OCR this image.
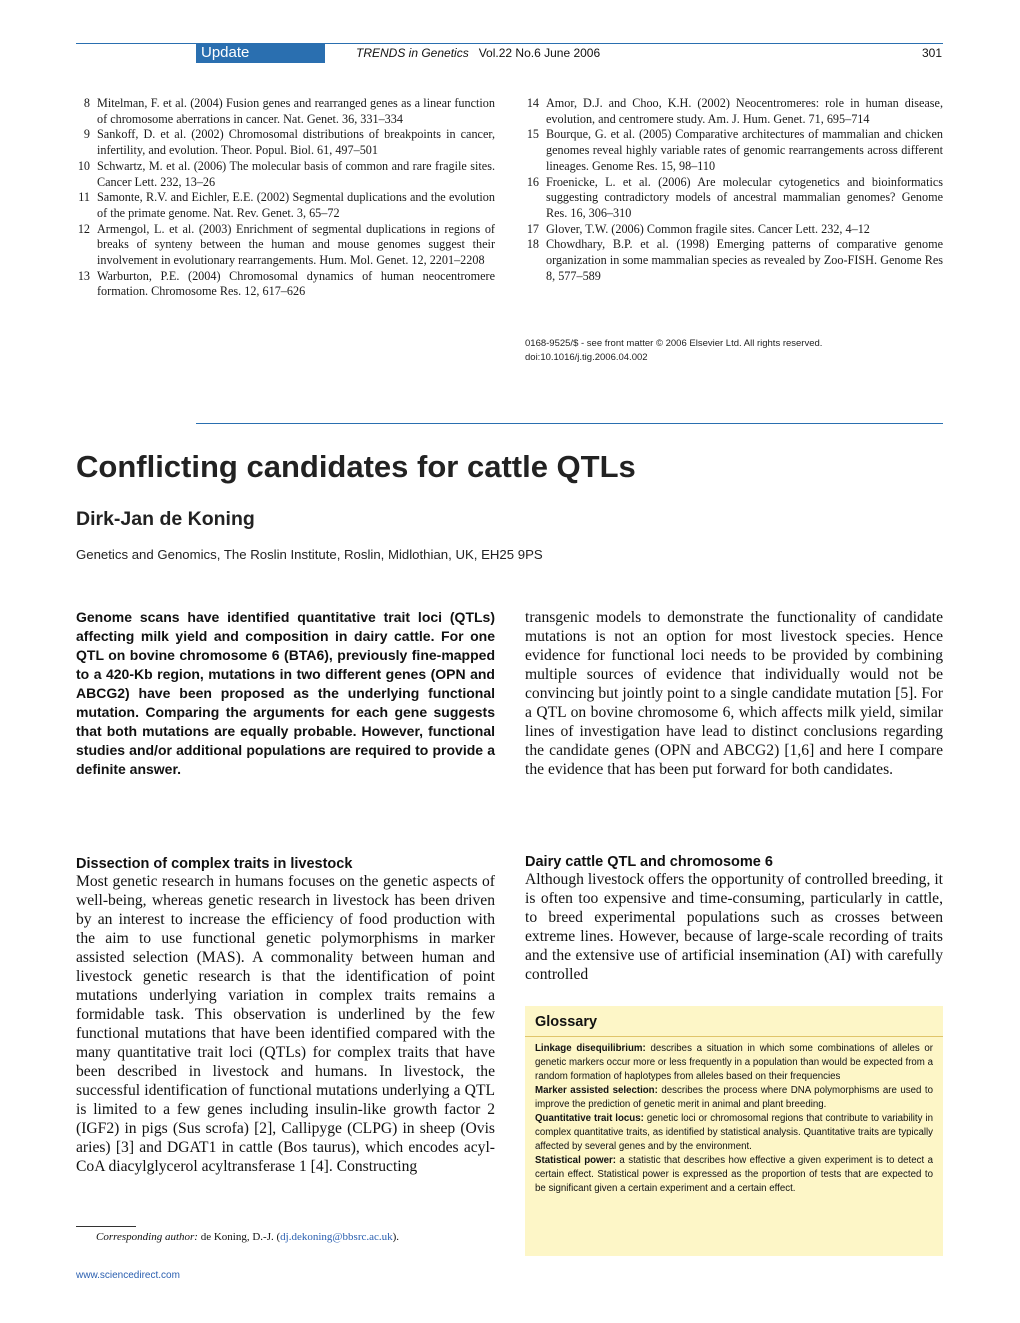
Update	TRENDS in Genetics Vol.22 No.6 June 2006	301
8 Mitelman, F. et al. (2004) Fusion genes and rearranged genes as a linear function of chromosome aberrations in cancer. Nat. Genet. 36, 331–334
9 Sankoff, D. et al. (2002) Chromosomal distributions of breakpoints in cancer, infertility, and evolution. Theor. Popul. Biol. 61, 497–501
10 Schwartz, M. et al. (2006) The molecular basis of common and rare fragile sites. Cancer Lett. 232, 13–26
11 Samonte, R.V. and Eichler, E.E. (2002) Segmental duplications and the evolution of the primate genome. Nat. Rev. Genet. 3, 65–72
12 Armengol, L. et al. (2003) Enrichment of segmental duplications in regions of breaks of synteny between the human and mouse genomes suggest their involvement in evolutionary rearrangements. Hum. Mol. Genet. 12, 2201–2208
13 Warburton, P.E. (2004) Chromosomal dynamics of human neocentromere formation. Chromosome Res. 12, 617–626
14 Amor, D.J. and Choo, K.H. (2002) Neocentromeres: role in human disease, evolution, and centromere study. Am. J. Hum. Genet. 71, 695–714
15 Bourque, G. et al. (2005) Comparative architectures of mammalian and chicken genomes reveal highly variable rates of genomic rearrangements across different lineages. Genome Res. 15, 98–110
16 Froenicke, L. et al. (2006) Are molecular cytogenetics and bioinformatics suggesting contradictory models of ancestral mammalian genomes? Genome Res. 16, 306–310
17 Glover, T.W. (2006) Common fragile sites. Cancer Lett. 232, 4–12
18 Chowdhary, B.P. et al. (1998) Emerging patterns of comparative genome organization in some mammalian species as revealed by Zoo-FISH. Genome Res 8, 577–589
0168-9525/$ - see front matter © 2006 Elsevier Ltd. All rights reserved.
doi:10.1016/j.tig.2006.04.002
Conflicting candidates for cattle QTLs
Dirk-Jan de Koning
Genetics and Genomics, The Roslin Institute, Roslin, Midlothian, UK, EH25 9PS
Genome scans have identified quantitative trait loci (QTLs) affecting milk yield and composition in dairy cattle. For one QTL on bovine chromosome 6 (BTA6), previously fine-mapped to a 420-Kb region, mutations in two different genes (OPN and ABCG2) have been proposed as the underlying functional mutation. Comparing the arguments for each gene suggests that both mutations are equally probable. However, functional studies and/or additional populations are required to provide a definite answer.
transgenic models to demonstrate the functionality of candidate mutations is not an option for most livestock species. Hence evidence for functional loci needs to be provided by combining multiple sources of evidence that individually would not be convincing but jointly point to a single candidate mutation [5]. For a QTL on bovine chromosome 6, which affects milk yield, similar lines of investigation have lead to distinct conclusions regarding the candidate genes (OPN and ABCG2) [1,6] and here I compare the evidence that has been put forward for both candidates.
Dissection of complex traits in livestock
Most genetic research in humans focuses on the genetic aspects of well-being, whereas genetic research in livestock has been driven by an interest to increase the efficiency of food production with the aim to use functional genetic polymorphisms in marker assisted selection (MAS). A commonality between human and livestock genetic research is that the identification of point mutations underlying variation in complex traits remains a formidable task. This observation is underlined by the few functional mutations that have been identified compared with the many quantitative trait loci (QTLs) for complex traits that have been described in livestock and humans. In livestock, the successful identification of functional mutations underlying a QTL is limited to a few genes including insulin-like growth factor 2 (IGF2) in pigs (Sus scrofa) [2], Callipyge (CLPG) in sheep (Ovis aries) [3] and DGAT1 in cattle (Bos taurus), which encodes acyl-CoA diacylglycerol acyltransferase 1 [4]. Constructing
Dairy cattle QTL and chromosome 6
Although livestock offers the opportunity of controlled breeding, it is often too expensive and time-consuming, particularly in cattle, to breed experimental populations such as crosses between extreme lines. However, because of large-scale recording of traits and the extensive use of artificial insemination (AI) with carefully controlled
Glossary
Linkage disequilibrium: describes a situation in which some combinations of alleles or genetic markers occur more or less frequently in a population than would be expected from a random formation of haplotypes from alleles based on their frequencies
Marker assisted selection: describes the process where DNA polymorphisms are used to improve the prediction of genetic merit in animal and plant breeding.
Quantitative trait locus: genetic loci or chromosomal regions that contribute to variability in complex quantitative traits, as identified by statistical analysis. Quantitative traits are typically affected by several genes and by the environment.
Statistical power: a statistic that describes how effective a given experiment is to detect a certain effect. Statistical power is expressed as the proportion of tests that are expected to be significant given a certain experiment and a certain effect.
Corresponding author: de Koning, D.-J. (dj.dekoning@bbsrc.ac.uk).
www.sciencedirect.com
